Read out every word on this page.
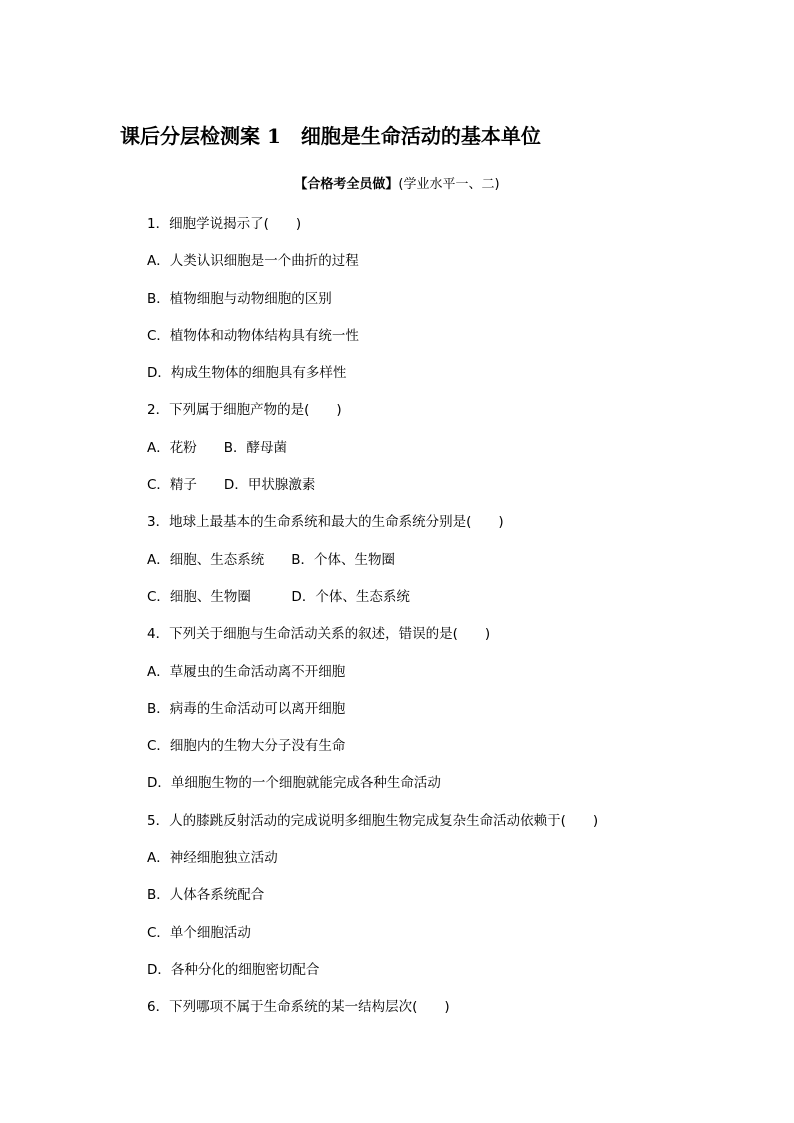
课后分层检测案 1　细胞是生命活动的基本单位
【合格考全员做】(学业水平一、二)
1．细胞学说揭示了(　　)
A．人类认识细胞是一个曲折的过程
B．植物细胞与动物细胞的区别
C．植物体和动物体结构具有统一性
D．构成生物体的细胞具有多样性
2．下列属于细胞产物的是(　　)
A．花粉　　B．酵母菌
C．精子　　D．甲状腺激素
3．地球上最基本的生命系统和最大的生命系统分别是(　　)
A．细胞、生态系统　　B．个体、生物圈
C．细胞、生物圈　　　D．个体、生态系统
4．下列关于细胞与生命活动关系的叙述，错误的是(　　)
A．草履虫的生命活动离不开细胞
B．病毒的生命活动可以离开细胞
C．细胞内的生物大分子没有生命
D．单细胞生物的一个细胞就能完成各种生命活动
5．人的膝跳反射活动的完成说明多细胞生物完成复杂生命活动依赖于(　　)
A．神经细胞独立活动
B．人体各系统配合
C．单个细胞活动
D．各种分化的细胞密切配合
6．下列哪项不属于生命系统的某一结构层次(　　)
